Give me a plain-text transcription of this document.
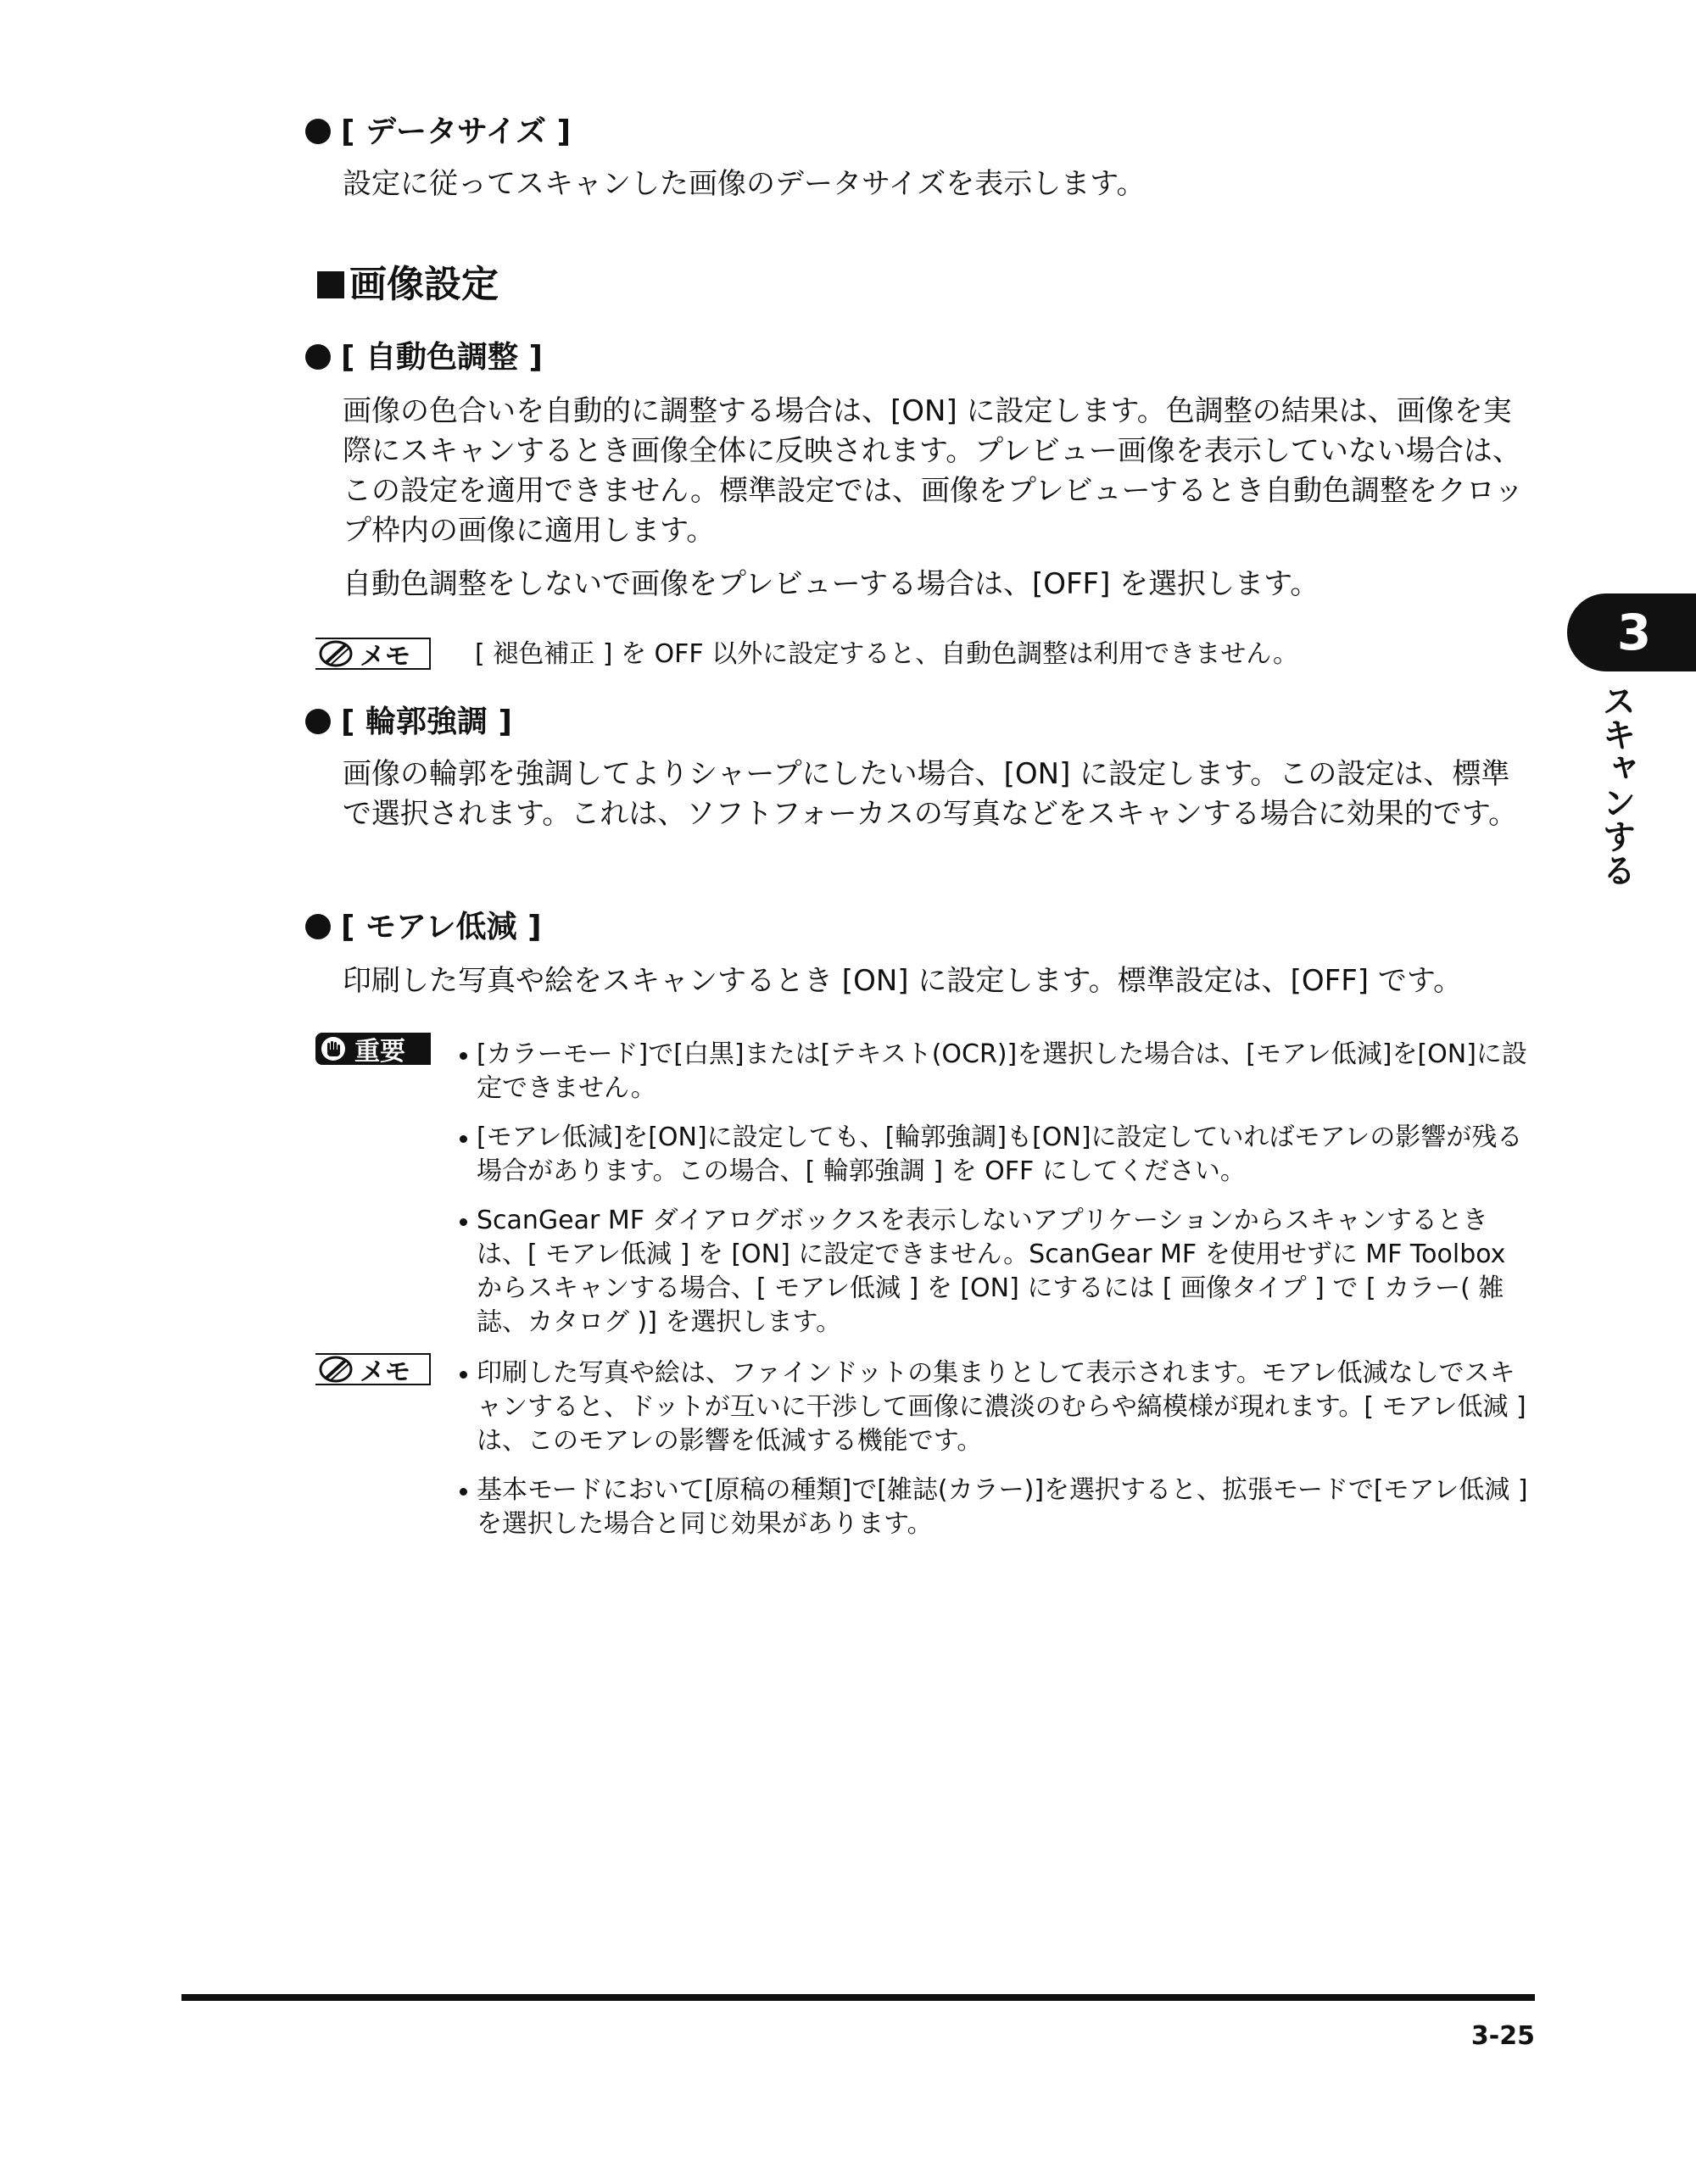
[ データサイズ ]

設定に従ってスキャンした画像のデータサイズを表示します。

画像設定
[ 自動色調整 ]

画像の色合いを自動的に調整する場合は、[ON] に設定します。色調整の結果は、画像を実際にスキャンするとき画像全体に反映されます。プレビュー画像を表示していない場合は、この設定を適用できません。標準設定では、画像をプレビューするとき自動色調整をクロップ枠内の画像に適用します。

自動色調整をしないで画像をプレビューする場合は、[OFF] を選択します。

メモ	[ 褪色補正 ] を OFF 以外に設定すると、自動色調整は利用できません。
[ 輪郭強調 ]

画像の輪郭を強調してよりシャープにしたい場合、[ON] に設定します。この設定は、標準で選択されます。これは、ソフトフォーカスの写真などをスキャンする場合に効果的です。

[ モアレ低減 ]

印刷した写真や絵をスキャンするとき [ON] に設定します。標準設定は、[OFF] です。

重要	[カラーモード]で[白黒]または[テキスト(OCR)]を選択した場合は、[モアレ低減]を[ON]に設定できません。
[モアレ低減]を[ON]に設定しても、[輪郭強調]も[ON]に設定していればモアレの影響が残る場合があります。この場合、[ 輪郭強調 ] を OFF にしてください。
ScanGear MF ダイアログボックスを表示しないアプリケーションからスキャンするときは、[ モアレ低減 ] を [ON] に設定できません。ScanGear MF を使用せずに MF Toolbox からスキャンする場合、[ モアレ低減 ] を [ON] にするには [ 画像タイプ ] で [ カラー( 雑誌、カタログ )] を選択します。
メモ	印刷した写真や絵は、ファインドットの集まりとして表示されます。モアレ低減なしでスキャンすると、ドットが互いに干渉して画像に濃淡のむらや縞模様が現れます。[ モアレ低減 ] は、このモアレの影響を低減する機能です。
基本モードにおいて[原稿の種類]で[雑誌(カラー)]を選択すると、拡張モードで[モアレ低減 ] を選択した場合と同じ効果があります。
3
スキャンする
3-25
